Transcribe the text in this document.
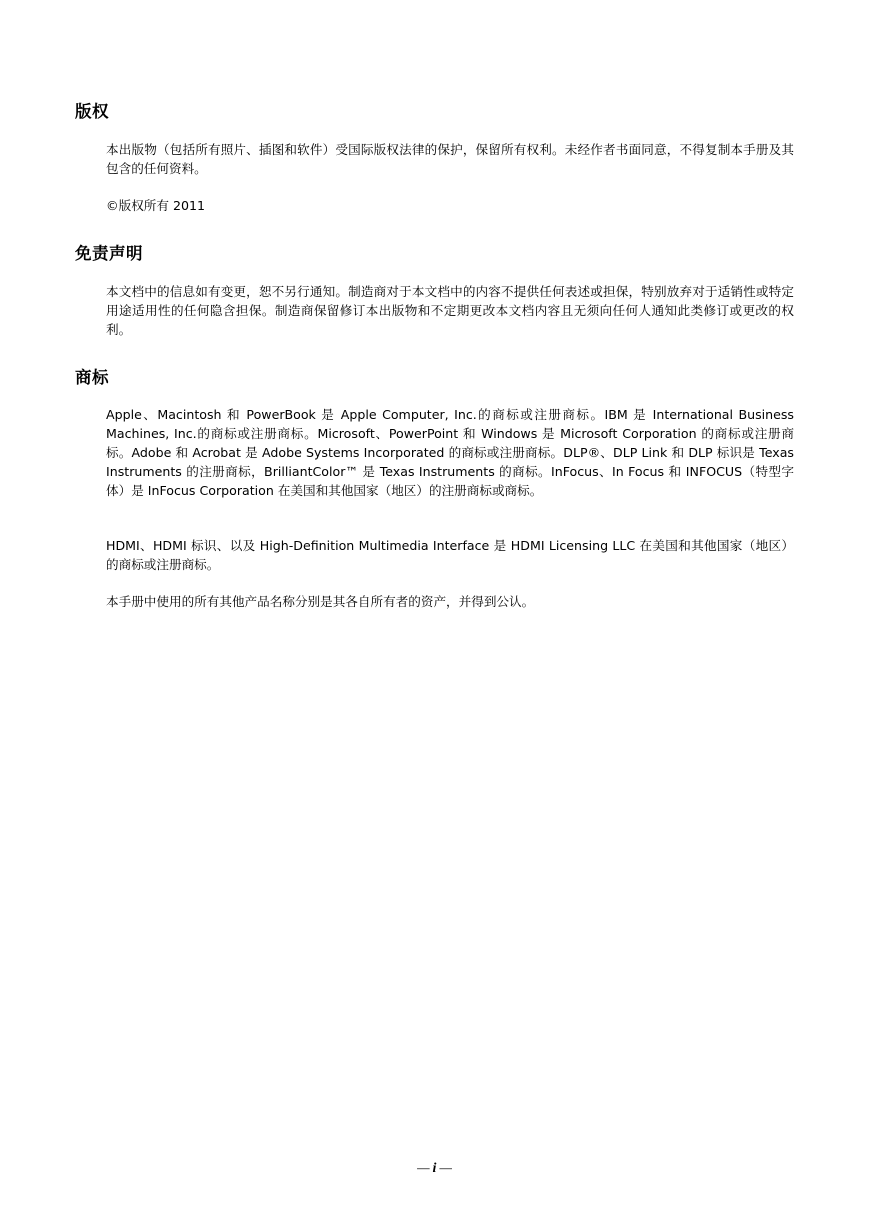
版权

本出版物（包括所有照片、插图和软件）受国际版权法律的保护，保留所有权利。未经作者书面同意，不得复制本手册及其包含的任何资料。

©版权所有 2011

免责声明

本文档中的信息如有变更，恕不另行通知。制造商对于本文档中的内容不提供任何表述或担保，特别放弃对于适销性或特定用途适用性的任何隐含担保。制造商保留修订本出版物和不定期更改本文档内容且无须向任何人通知此类修订或更改的权利。

商标

Apple、Macintosh 和 PowerBook 是 Apple Computer, Inc.的商标或注册商标。IBM 是 International Business Machines, Inc.的商标或注册商标。Microsoft、PowerPoint 和 Windows 是 Microsoft Corporation 的商标或注册商标。Adobe 和 Acrobat 是 Adobe Systems Incorporated 的商标或注册商标。DLP®、DLP Link 和 DLP 标识是 Texas Instruments 的注册商标，BrilliantColor™ 是 Texas Instruments 的商标。InFocus、In Focus 和 INFOCUS（特型字体）是 InFocus Corporation 在美国和其他国家（地区）的注册商标或商标。

HDMI、HDMI 标识、以及 High-Definition Multimedia Interface 是 HDMI Licensing LLC 在美国和其他国家（地区）的商标或注册商标。

本手册中使用的所有其他产品名称分别是其各自所有者的资产，并得到公认。

— i —
